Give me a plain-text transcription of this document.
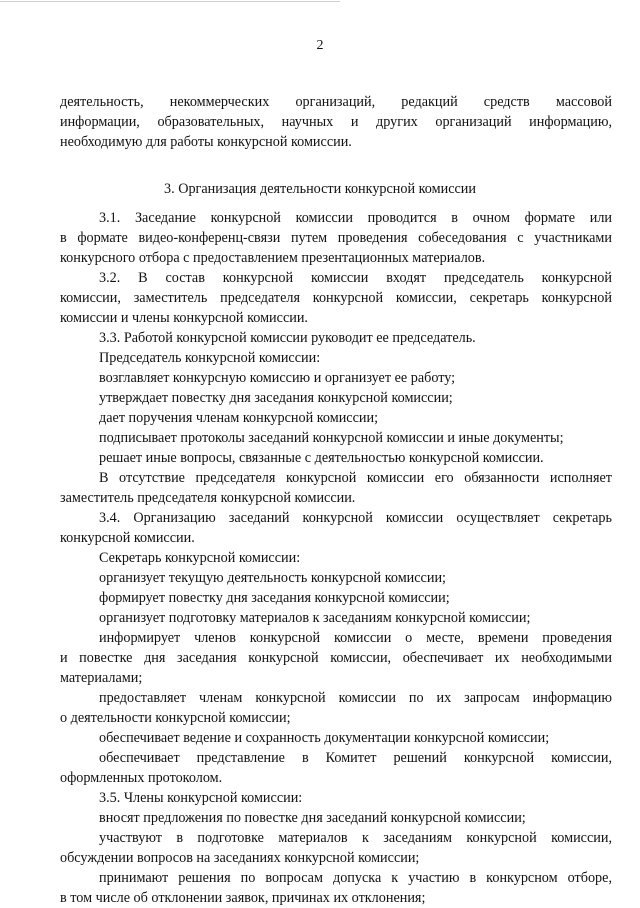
2
деятельность, некоммерческих организаций, редакций средств массовой
информации, образовательных, научных и других организаций информацию,
необходимую для работы конкурсной комиссии.
3. Организация деятельности конкурсной комиссии
3.1. Заседание конкурсной комиссии проводится в очном формате или
в формате видео-конференц-связи путем проведения собеседования с участниками
конкурсного отбора с предоставлением презентационных материалов.
3.2. В состав конкурсной комиссии входят председатель конкурсной
комиссии, заместитель председателя конкурсной комиссии, секретарь конкурсной
комиссии и члены конкурсной комиссии.
3.3. Работой конкурсной комиссии руководит ее председатель.
Председатель конкурсной комиссии:
возглавляет конкурсную комиссию и организует ее работу;
утверждает повестку дня заседания конкурсной комиссии;
дает поручения членам конкурсной комиссии;
подписывает протоколы заседаний конкурсной комиссии и иные документы;
решает иные вопросы, связанные с деятельностью конкурсной комиссии.
В отсутствие председателя конкурсной комиссии его обязанности исполняет
заместитель председателя конкурсной комиссии.
3.4. Организацию заседаний конкурсной комиссии осуществляет секретарь
конкурсной комиссии.
Секретарь конкурсной комиссии:
организует текущую деятельность конкурсной комиссии;
формирует повестку дня заседания конкурсной комиссии;
организует подготовку материалов к заседаниям конкурсной комиссии;
информирует членов конкурсной комиссии о месте, времени проведения
и повестке дня заседания конкурсной комиссии, обеспечивает их необходимыми
материалами;
предоставляет членам конкурсной комиссии по их запросам информацию
о деятельности конкурсной комиссии;
обеспечивает ведение и сохранность документации конкурсной комиссии;
обеспечивает представление в Комитет решений конкурсной комиссии,
оформленных протоколом.
3.5. Члены конкурсной комиссии:
вносят предложения по повестке дня заседаний конкурсной комиссии;
участвуют в подготовке материалов к заседаниям конкурсной комиссии,
обсуждении вопросов на заседаниях конкурсной комиссии;
принимают решения по вопросам допуска к участию в конкурсном отборе,
в том числе об отклонении заявок, причинах их отклонения;
